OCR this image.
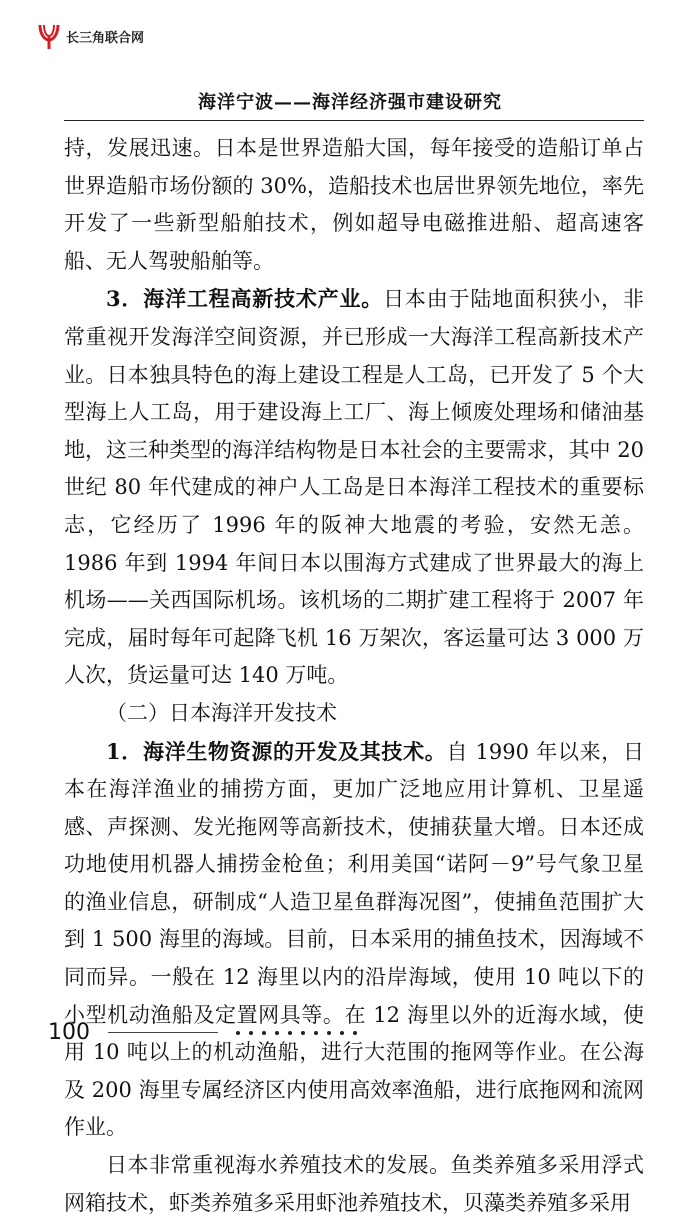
长三角联合网
海洋宁波——海洋经济强市建设研究

持，发展迅速。日本是世界造船大国，每年接受的造船订单占世界造船市场份额的 30%，造船技术也居世界领先地位，率先开发了一些新型船舶技术，例如超导电磁推进船、超高速客船、无人驾驶船舶等。

3．海洋工程高新技术产业。日本由于陆地面积狭小，非常重视开发海洋空间资源，并已形成一大海洋工程高新技术产业。日本独具特色的海上建设工程是人工岛，已开发了 5 个大型海上人工岛，用于建设海上工厂、海上倾废处理场和储油基地，这三种类型的海洋结构物是日本社会的主要需求，其中 20 世纪 80 年代建成的神户人工岛是日本海洋工程技术的重要标志，它经历了 1996 年的阪神大地震的考验，安然无恙。1986 年到 1994 年间日本以围海方式建成了世界最大的海上机场——关西国际机场。该机场的二期扩建工程将于 2007 年完成，届时每年可起降飞机 16 万架次，客运量可达 3 000 万人次，货运量可达 140 万吨。

（二）日本海洋开发技术

1．海洋生物资源的开发及其技术。自 1990 年以来，日本在海洋渔业的捕捞方面，更加广泛地应用计算机、卫星遥感、声探测、发光拖网等高新技术，使捕获量大增。日本还成功地使用机器人捕捞金枪鱼；利用美国“诺阿－9”号气象卫星的渔业信息，研制成“人造卫星鱼群海况图”，使捕鱼范围扩大到 1 500 海里的海域。目前，日本采用的捕鱼技术，因海域不同而异。一般在 12 海里以内的沿岸海域，使用 10 吨以下的小型机动渔船及定置网具等。在 12 海里以外的近海水域，使用 10 吨以上的机动渔船，进行大范围的拖网等作业。在公海及 200 海里专属经济区内使用高效率渔船，进行底拖网和流网作业。

日本非常重视海水养殖技术的发展。鱼类养殖多采用浮式网箱技术，虾类养殖多采用虾池养殖技术，贝藻类养殖多采用

100
